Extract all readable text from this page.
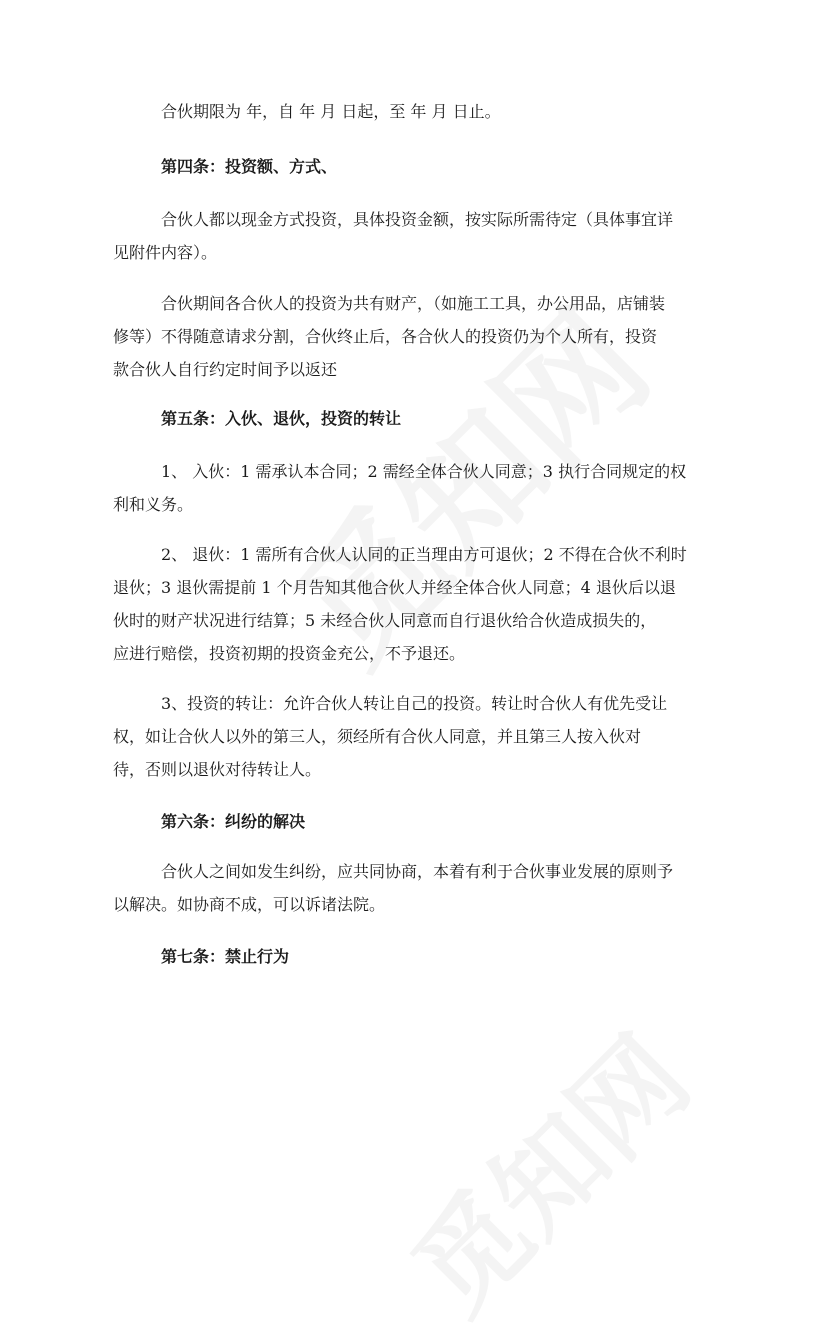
合伙期限为 年，自 年 月 日起，至 年 月 日止。

第四条：投资额、方式、

合伙人都以现金方式投资，具体投资金额，按实际所需待定（具体事宜详
见附件内容）。

合伙期间各合伙人的投资为共有财产，（如施工工具，办公用品，店铺装
修等）不得随意请求分割，合伙终止后，各合伙人的投资仍为个人所有，投资
款合伙人自行约定时间予以返还

第五条：入伙、退伙，投资的转让

1、 入伙：1 需承认本合同；2 需经全体合伙人同意；3 执行合同规定的权
利和义务。

2、 退伙：1 需所有合伙人认同的正当理由方可退伙；2 不得在合伙不利时
退伙；3 退伙需提前 1 个月告知其他合伙人并经全体合伙人同意；4 退伙后以退
伙时的财产状况进行结算；5 未经合伙人同意而自行退伙给合伙造成损失的，
应进行赔偿，投资初期的投资金充公，不予退还。

3、投资的转让：允许合伙人转让自己的投资。转让时合伙人有优先受让
权，如让合伙人以外的第三人，须经所有合伙人同意，并且第三人按入伙对
待，否则以退伙对待转让人。

第六条：纠纷的解决

合伙人之间如发生纠纷，应共同协商，本着有利于合伙事业发展的原则予
以解决。如协商不成，可以诉诸法院。

第七条：禁止行为
